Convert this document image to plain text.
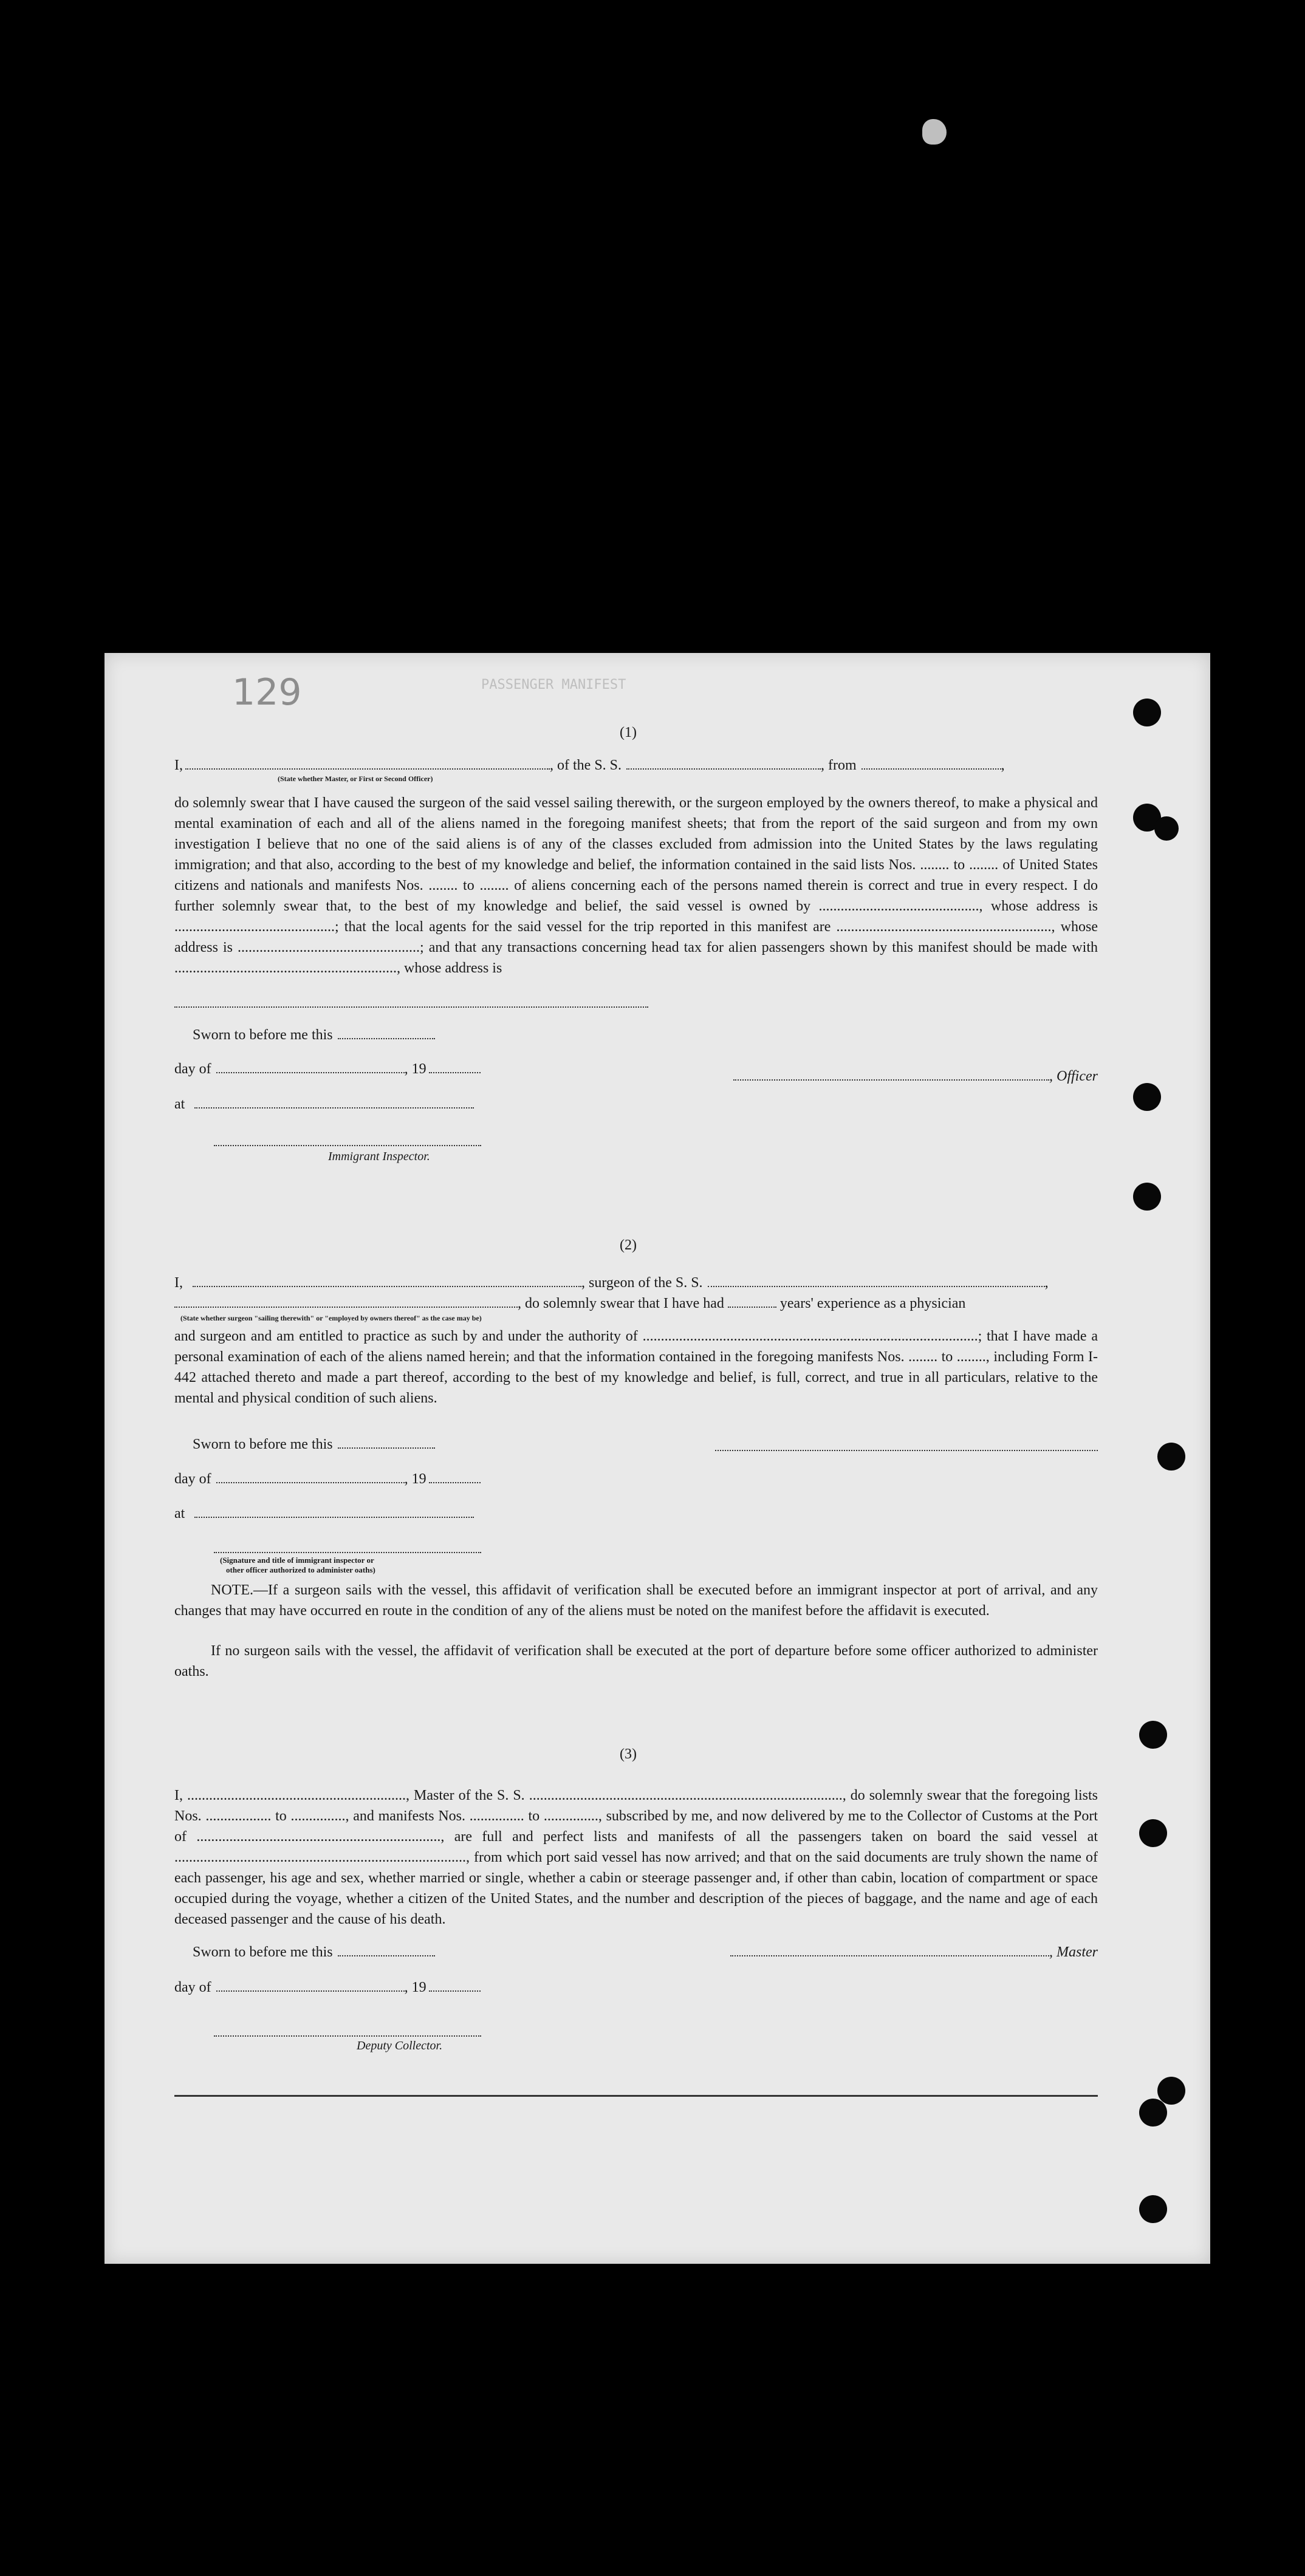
129	PASSENGER MANIFEST
(1)
I,	, of the S. S.	, from	,
(State whether Master, or First or Second Officer)
do solemnly swear that I have caused the surgeon of the said vessel sailing therewith, or the surgeon employed by the owners thereof, to make a physical and mental examination of each and all of the aliens named in the foregoing manifest sheets; that from the report of the said surgeon and from my own investigation I believe that no one of the said aliens is of any of the classes excluded from admission into the United States by the laws regulating immigration; and that also, according to the best of my knowledge and belief, the information contained in the said lists Nos. ........ to ........ of United States citizens and nationals and manifests Nos. ........ to ........ of aliens concerning each of the persons named therein is correct and true in every respect. I do further solemnly swear that, to the best of my knowledge and belief, the said vessel is owned by ............................................, whose address is ............................................; that the local agents for the said vessel for the trip reported in this manifest are ..........................................................., whose address is ..................................................; and that any transactions concerning head tax for alien passengers shown by this manifest should be made with ............................................................., whose address is
Sworn to before me this
day of	, 19
at
, Officer
Immigrant Inspector.
(2)
I,	, surgeon of the S. S.	,
, do solemnly swear that I have had	years' experience as a physician
(State whether surgeon "sailing therewith" or "employed by owners thereof" as the case may be)
and surgeon and am entitled to practice as such by and under the authority of ............................................................................................; that I have made a personal examination of each of the aliens named herein; and that the information contained in the foregoing manifests Nos. ........ to ........, including Form I-442 attached thereto and made a part thereof, according to the best of my knowledge and belief, is full, correct, and true in all particulars, relative to the mental and physical condition of such aliens.
Sworn to before me this
day of	, 19
at
(Signature and title of immigrant inspector or
other officer authorized to administer oaths)
NOTE.—If a surgeon sails with the vessel, this affidavit of verification shall be executed before an immigrant inspector at port of arrival, and any changes that may have occurred en route in the condition of any of the aliens must be noted on the manifest before the affidavit is executed.
If no surgeon sails with the vessel, the affidavit of verification shall be executed at the port of departure before some officer authorized to administer oaths.
(3)
I, ............................................................, Master of the S. S. ......................................................................................, do solemnly swear that the foregoing lists Nos. .................. to ..............., and manifests Nos. ............... to ..............., subscribed by me, and now delivered by me to the Collector of Customs at the Port of ..................................................................., are full and perfect lists and manifests of all the passengers taken on board the said vessel at ................................................................................, from which port said vessel has now arrived; and that on the said documents are truly shown the name of each passenger, his age and sex, whether married or single, whether a cabin or steerage passenger and, if other than cabin, location of compartment or space occupied during the voyage, whether a citizen of the United States, and the number and description of the pieces of baggage, and the name and age of each deceased passenger and the cause of his death.
Sworn to before me this	, Master
day of	, 19
Deputy Collector.
